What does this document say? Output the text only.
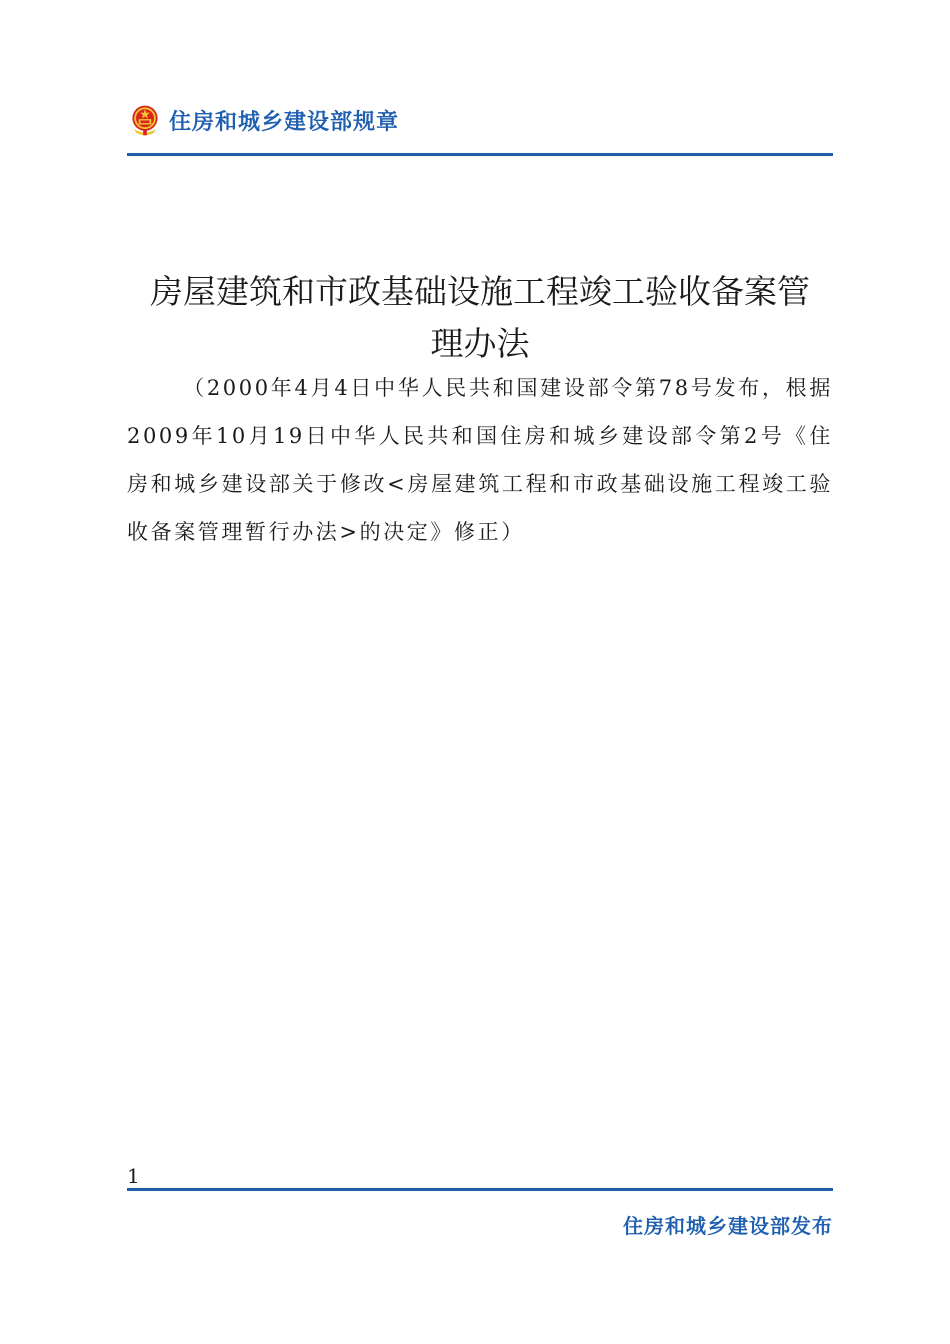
住房和城乡建设部规章
房屋建筑和市政基础设施工程竣工验收备案管
理办法
（2000年4月4日中华人民共和国建设部令第78号发布，根据2009年10月19日中华人民共和国住房和城乡建设部令第2号《住房和城乡建设部关于修改<房屋建筑工程和市政基础设施工程竣工验收备案管理暂行办法>的决定》修正）
1
住房和城乡建设部发布
